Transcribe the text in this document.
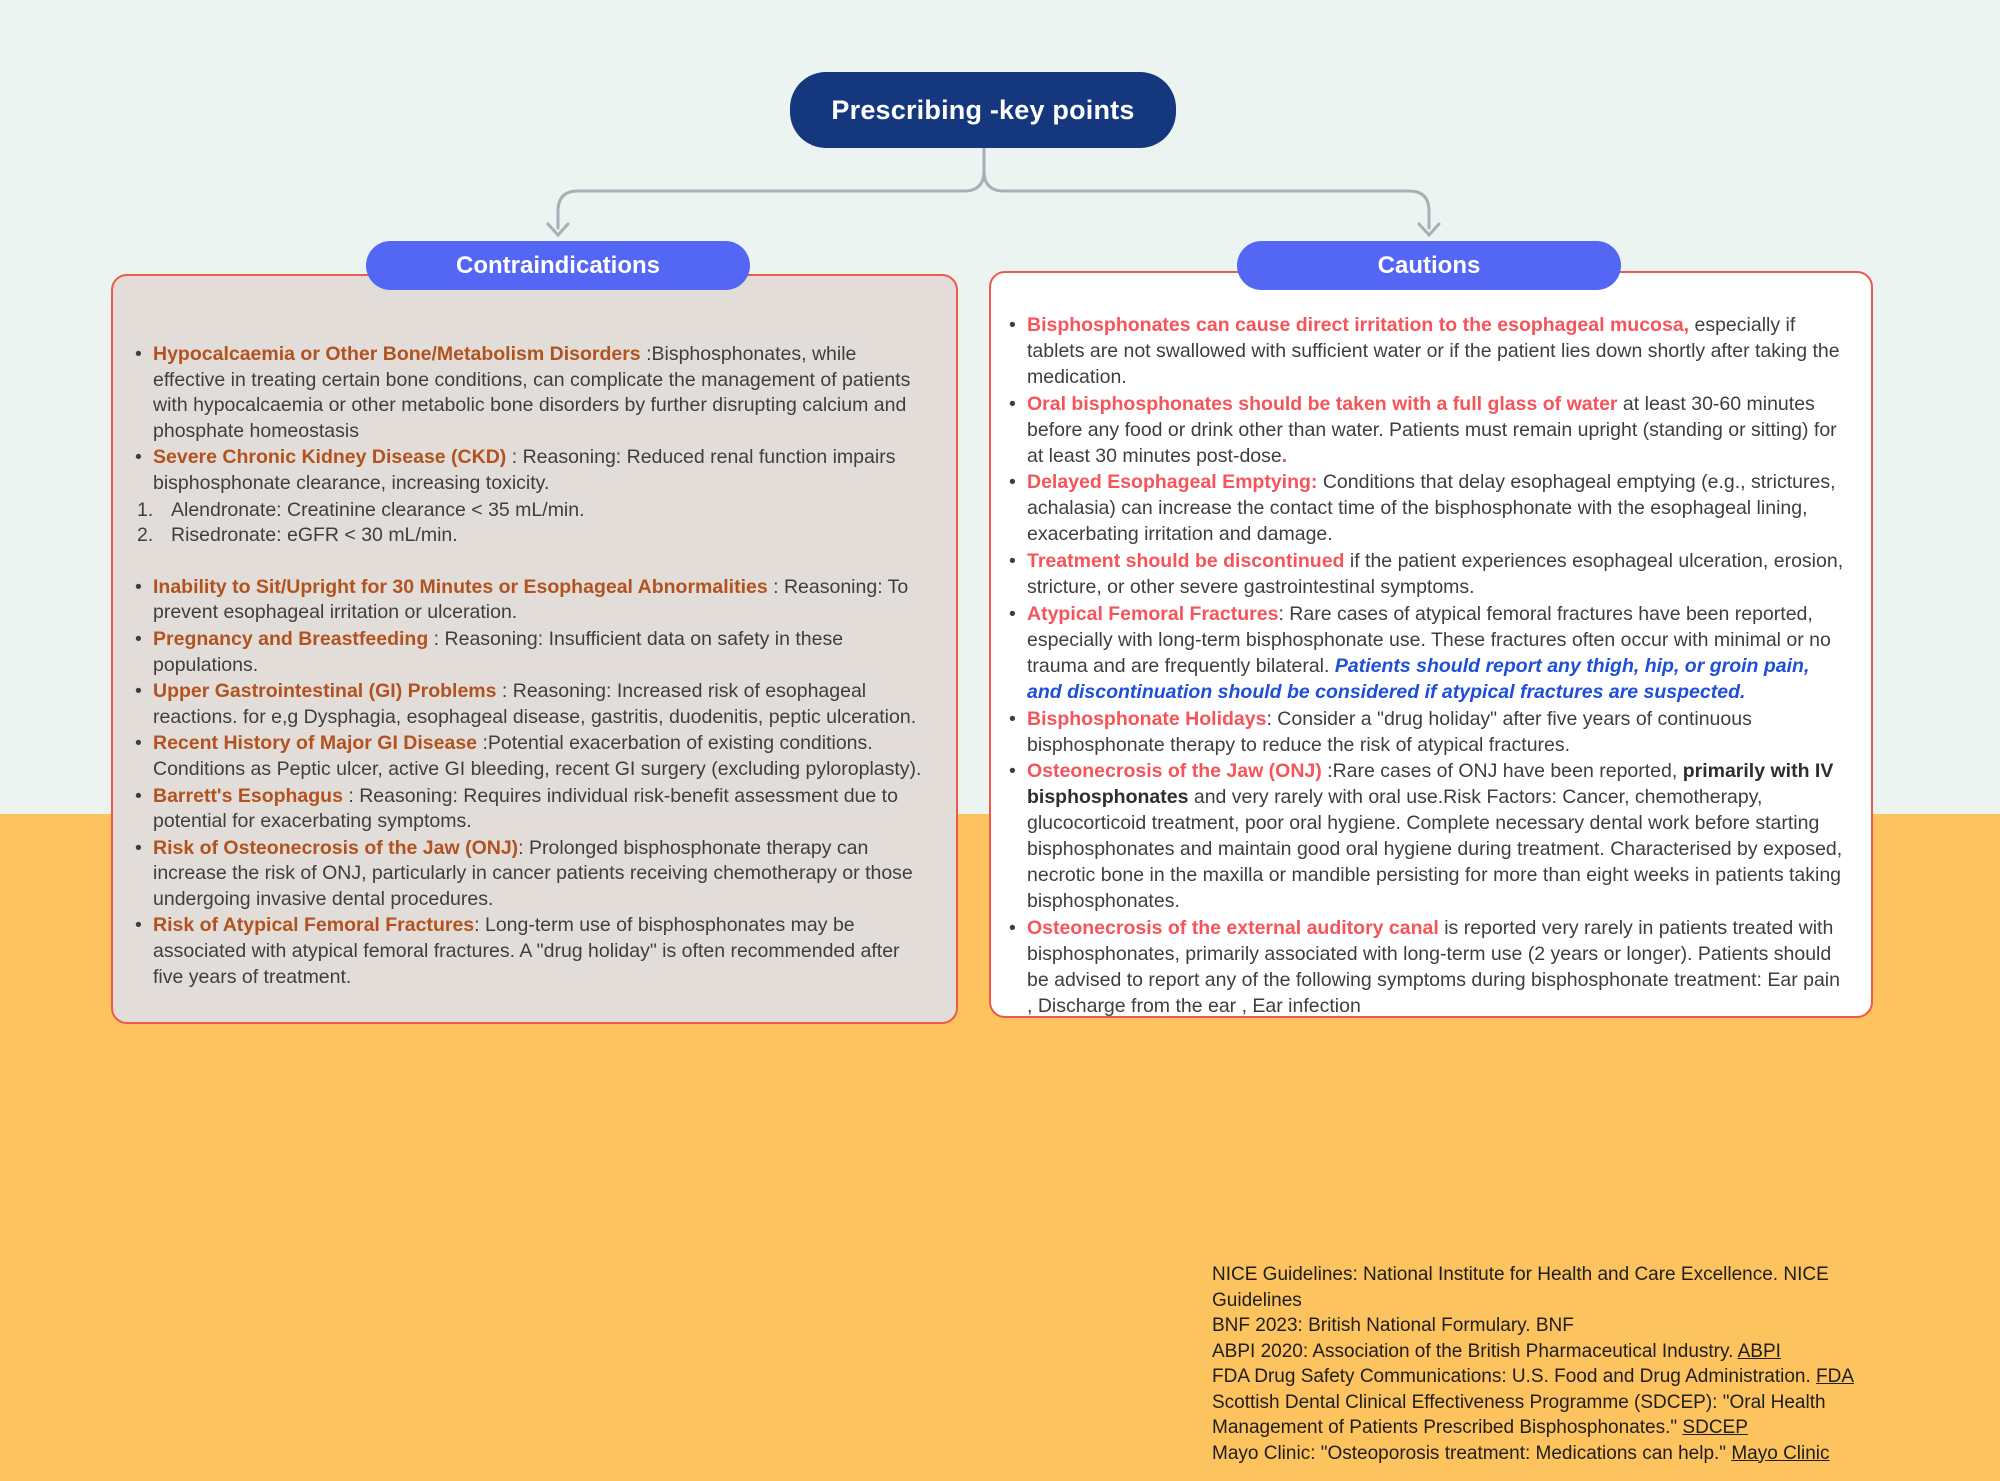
Prescribing -key points
Contraindications	Cautions
• Hypocalcaemia or Other Bone/Metabolism Disorders :Bisphosphonates, while effective in treating certain bone conditions, can complicate the management of patients with hypocalcaemia or other metabolic bone disorders by further disrupting calcium and phosphate homeostasis
• Severe Chronic Kidney Disease (CKD) : Reasoning: Reduced renal function impairs bisphosphonate clearance, increasing toxicity.
1. Alendronate: Creatinine clearance < 35 mL/min.
2. Risedronate: eGFR < 30 mL/min.
• Inability to Sit/Upright for 30 Minutes or Esophageal Abnormalities : Reasoning: To prevent esophageal irritation or ulceration.
• Pregnancy and Breastfeeding : Reasoning: Insufficient data on safety in these populations.
• Upper Gastrointestinal (GI) Problems : Reasoning: Increased risk of esophageal reactions. for e,g Dysphagia, esophageal disease, gastritis, duodenitis, peptic ulceration.
• Recent History of Major GI Disease :Potential exacerbation of existing conditions. Conditions as Peptic ulcer, active GI bleeding, recent GI surgery (excluding pyloroplasty).
• Barrett's Esophagus : Reasoning: Requires individual risk-benefit assessment due to potential for exacerbating symptoms.
• Risk of Osteonecrosis of the Jaw (ONJ): Prolonged bisphosphonate therapy can increase the risk of ONJ, particularly in cancer patients receiving chemotherapy or those undergoing invasive dental procedures.
• Risk of Atypical Femoral Fractures: Long-term use of bisphosphonates may be associated with atypical femoral fractures. A "drug holiday" is often recommended after five years of treatment.
• Bisphosphonates can cause direct irritation to the esophageal mucosa, especially if tablets are not swallowed with sufficient water or if the patient lies down shortly after taking the medication.
• Oral bisphosphonates should be taken with a full glass of water at least 30-60 minutes before any food or drink other than water. Patients must remain upright (standing or sitting) for at least 30 minutes post-dose.
• Delayed Esophageal Emptying: Conditions that delay esophageal emptying (e.g., strictures, achalasia) can increase the contact time of the bisphosphonate with the esophageal lining, exacerbating irritation and damage.
• Treatment should be discontinued if the patient experiences esophageal ulceration, erosion, stricture, or other severe gastrointestinal symptoms.
• Atypical Femoral Fractures: Rare cases of atypical femoral fractures have been reported, especially with long-term bisphosphonate use. These fractures often occur with minimal or no trauma and are frequently bilateral. Patients should report any thigh, hip, or groin pain, and discontinuation should be considered if atypical fractures are suspected.
• Bisphosphonate Holidays: Consider a "drug holiday" after five years of continuous bisphosphonate therapy to reduce the risk of atypical fractures.
• Osteonecrosis of the Jaw (ONJ) :Rare cases of ONJ have been reported, primarily with IV bisphosphonates and very rarely with oral use.Risk Factors: Cancer, chemotherapy, glucocorticoid treatment, poor oral hygiene. Complete necessary dental work before starting bisphosphonates and maintain good oral hygiene during treatment. Characterised by exposed, necrotic bone in the maxilla or mandible persisting for more than eight weeks in patients taking bisphosphonates.
• Osteonecrosis of the external auditory canal is reported very rarely in patients treated with bisphosphonates, primarily associated with long-term use (2 years or longer). Patients should be advised to report any of the following symptoms during bisphosphonate treatment: Ear pain , Discharge from the ear , Ear infection
NICE Guidelines: National Institute for Health and Care Excellence. NICE Guidelines
BNF 2023: British National Formulary. BNF
ABPI 2020: Association of the British Pharmaceutical Industry. ABPI
FDA Drug Safety Communications: U.S. Food and Drug Administration. FDA
Scottish Dental Clinical Effectiveness Programme (SDCEP): "Oral Health Management of Patients Prescribed Bisphosphonates." SDCEP
Mayo Clinic: "Osteoporosis treatment: Medications can help." Mayo Clinic
